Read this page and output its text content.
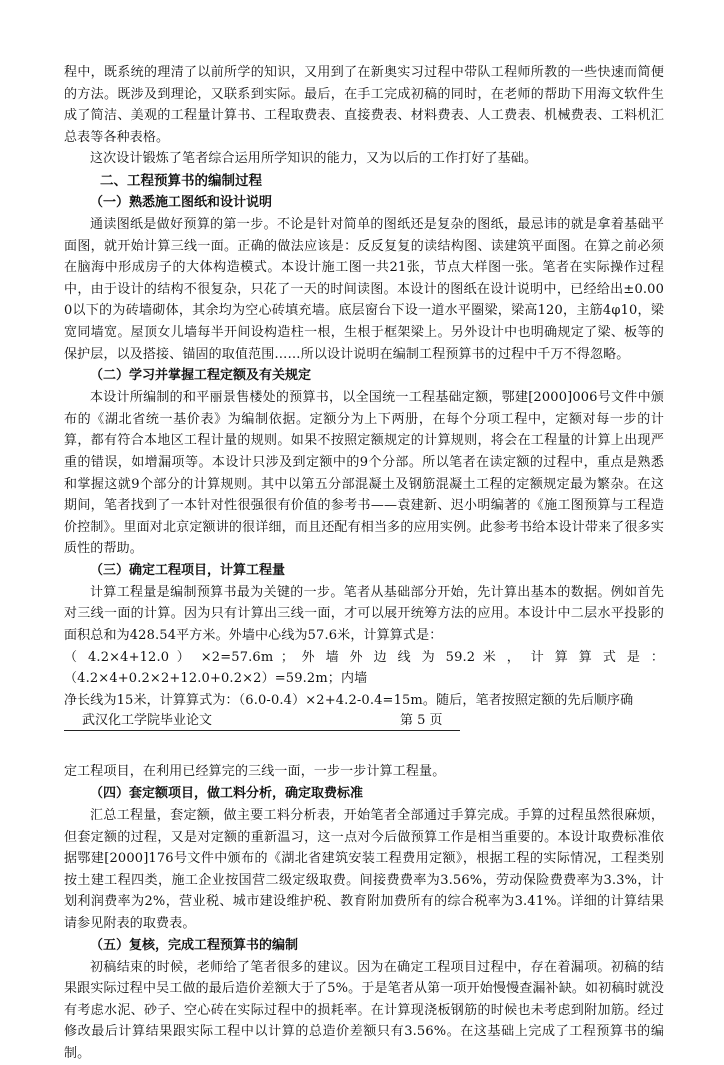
程中，既系统的理清了以前所学的知识，又用到了在新奥实习过程中带队工程师所教的一些快速而简便的方法。既涉及到理论，又联系到实际。最后，在手工完成初稿的同时，在老师的帮助下用海文软件生成了简洁、美观的工程量计算书、工程取费表、直接费表、材料费表、人工费表、机械费表、工料机汇总表等各种表格。

这次设计锻炼了笔者综合运用所学知识的能力，又为以后的工作打好了基础。

二、工程预算书的编制过程

（一）熟悉施工图纸和设计说明

通读图纸是做好预算的第一步。不论是针对简单的图纸还是复杂的图纸，最忌讳的就是拿着基础平面图，就开始计算三线一面。正确的做法应该是：反反复复的读结构图、读建筑平面图。在算之前必须在脑海中形成房子的大体构造模式。本设计施工图一共21张，节点大样图一张。笔者在实际操作过程中，由于设计的结构不很复杂，只花了一天的时间读图。本设计的图纸在设计说明中，已经给出±0.000以下的为砖墙砌体，其余均为空心砖填充墙。底层窗台下设一道水平圈梁，梁高120，主筋4φ10，梁宽同墙宽。屋顶女儿墙每半开间设构造柱一根，生根于框架梁上。另外设计中也明确规定了梁、板等的保护层，以及搭接、锚固的取值范围……所以设计说明在编制工程预算书的过程中千万不得忽略。

（二）学习并掌握工程定额及有关规定

本设计所编制的和平丽景售楼处的预算书，以全国统一工程基础定额，鄂建[2000]006号文件中颁布的《湖北省统一基价表》为编制依据。定额分为上下两册，在每个分项工程中，定额对每一步的计算，都有符合本地区工程计量的规则。如果不按照定额规定的计算规则，将会在工程量的计算上出现严重的错误，如增漏项等。本设计只涉及到定额中的9个分部。所以笔者在读定额的过程中，重点是熟悉和掌握这就9个部分的计算规则。其中以第五分部混凝土及钢筋混凝土工程的定额规定最为繁杂。在这期间，笔者找到了一本针对性很强很有价值的参考书——袁建新、迟小明编著的《施工图预算与工程造价控制》。里面对北京定额讲的很详细，而且还配有相当多的应用实例。此参考书给本设计带来了很多实质性的帮助。

（三）确定工程项目，计算工程量

计算工程量是编制预算书最为关键的一步。笔者从基础部分开始，先计算出基本的数据。例如首先对三线一面的计算。因为只有计算出三线一面，才可以展开统筹方法的应用。本设计中二层水平投影的面积总和为428.54平方米。外墙中心线为57.6米，计算算式是：

（ 4.2×4+12.0 ） ×2=57.6m ； 外 墙 外 边 线 为 59.2 米 ， 计 算 算 式 是 ：

（4.2×4+0.2×2+12.0+0.2×2）=59.2m；内墙

净长线为15米，计算算式为：（6.0-0.4）×2+4.2-0.4=15m。随后，笔者按照定额的先后顺序确

武汉化工学院毕业论文	第 5 页

定工程项目，在利用已经算完的三线一面，一步一步计算工程量。

（四）套定额项目，做工料分析，确定取费标准

汇总工程量，套定额，做主要工料分析表，开始笔者全部通过手算完成。手算的过程虽然很麻烦，但套定额的过程，又是对定额的重新温习，这一点对今后做预算工作是相当重要的。本设计取费标准依据鄂建[2000]176号文件中颁布的《湖北省建筑安装工程费用定额》，根据工程的实际情况，工程类别按土建工程四类，施工企业按国营二级定级取费。间接费费率为3.56%，劳动保险费费率为3.3%，计划利润费率为2%，营业税、城市建设维护税、教育附加费所有的综合税率为3.41%。详细的计算结果请参见附表的取费表。

（五）复核，完成工程预算书的编制

初稿结束的时候，老师给了笔者很多的建议。因为在确定工程项目过程中，存在着漏项。初稿的结果跟实际过程中吴工做的最后造价差额大于了5%。于是笔者从第一项开始慢慢查漏补缺。如初稿时就没有考虑水泥、砂子、空心砖在实际过程中的损耗率。在计算现浇板钢筋的时候也未考虑到附加筋。经过修改最后计算结果跟实际工程中以计算的总造价差额只有3.56%。在这基础上完成了工程预算书的编制。
